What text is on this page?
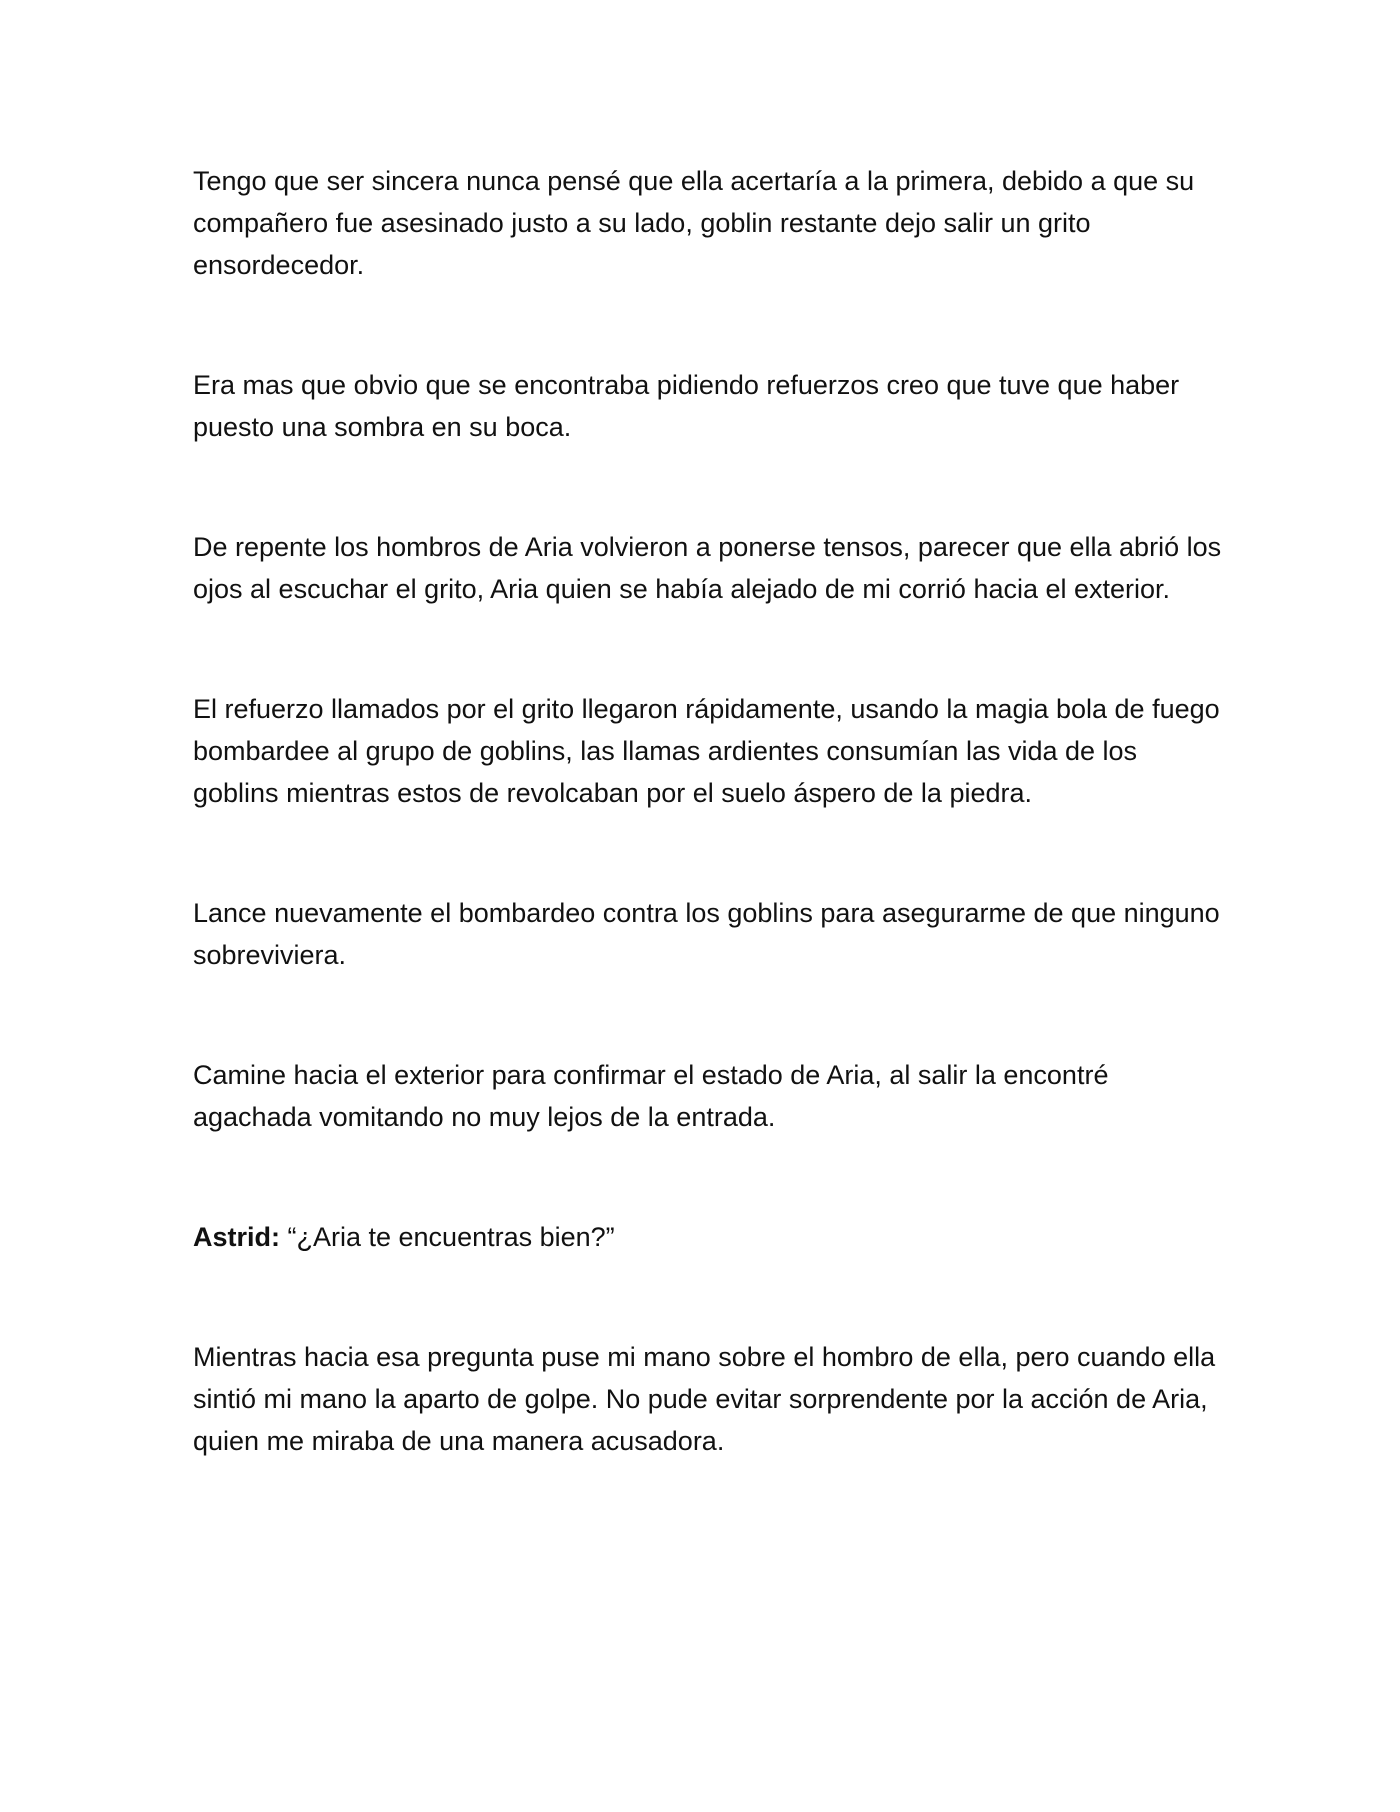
Tengo que ser sincera nunca pensé que ella acertaría a la primera, debido a que su compañero fue asesinado justo a su lado, goblin restante dejo salir un grito ensordecedor.

Era mas que obvio que se encontraba pidiendo refuerzos creo que tuve que haber puesto una sombra en su boca.

De repente los hombros de Aria volvieron a ponerse tensos, parecer que ella abrió los ojos al escuchar el grito, Aria quien se había alejado de mi corrió hacia el exterior.

El refuerzo llamados por el grito llegaron rápidamente, usando la magia bola de fuego bombardee al grupo de goblins, las llamas ardientes consumían las vida de los goblins mientras estos de revolcaban por el suelo áspero de la piedra.

Lance nuevamente el bombardeo contra los goblins para asegurarme de que ninguno sobreviviera.

Camine hacia el exterior para confirmar el estado de Aria, al salir la encontré agachada vomitando no muy lejos de la entrada.

Astrid: “¿Aria te encuentras bien?”

Mientras hacia esa pregunta puse mi mano sobre el hombro de ella, pero cuando ella sintió mi mano la aparto de golpe. No pude evitar sorprendente por la acción de Aria, quien me miraba de una manera acusadora.
